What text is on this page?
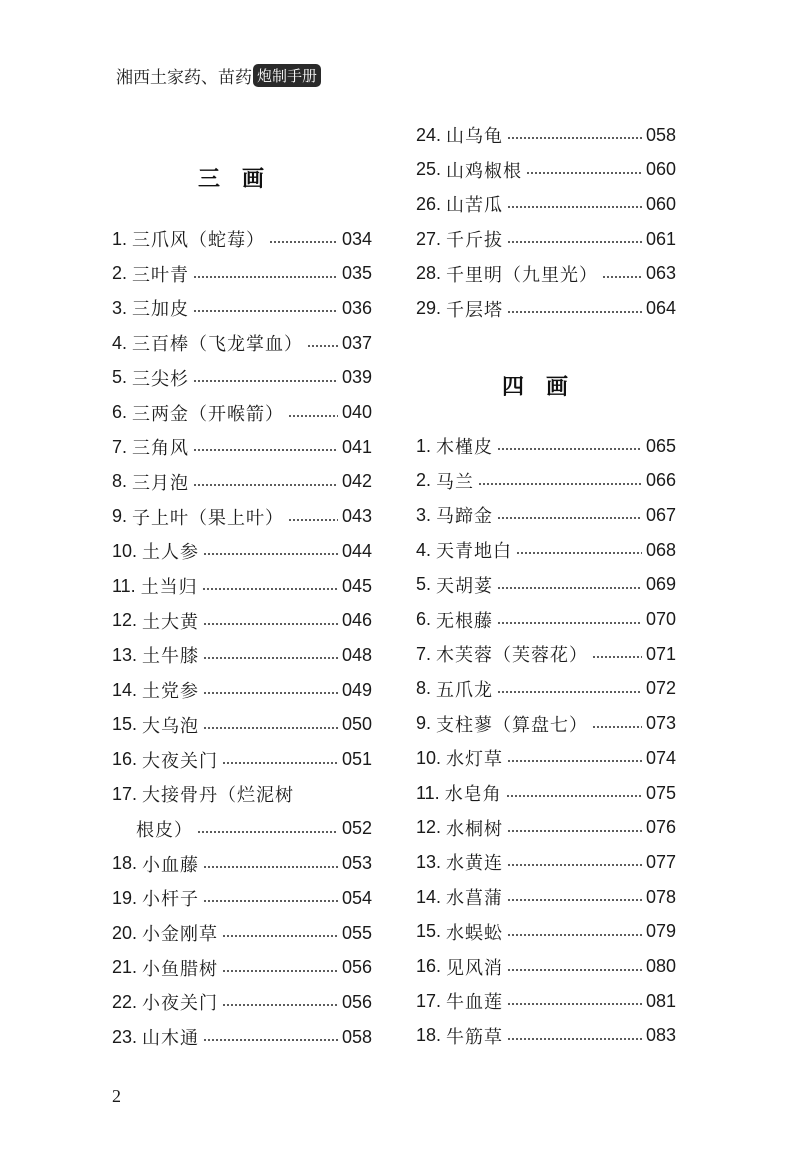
湘西土家药、苗药 炮制手册
三画
1. 三爪风（蛇莓）	034
2. 三叶青	035
3. 三加皮	036
4. 三百棒（飞龙掌血） 037
5. 三尖杉	039
6. 三两金（开喉箭）	040
7. 三角风	041
8. 三月泡	042
9. 子上叶（果上叶）	043
10. 土人参	044
11. 土当归	045
12. 土大黄	046
13. 土牛膝	048
14. 土党参	049
15. 大乌泡	050
16. 大夜关门	051
17. 大接骨丹（烂泥树
根皮）	052
18. 小血藤	053
19. 小杆子	054
20. 小金刚草	055
21. 小鱼腊树	056
22. 小夜关门	056
23. 山木通	058
24. 山乌龟	058
25. 山鸡椒根	060
26. 山苦瓜	060
27. 千斤拔	061
28. 千里明（九里光）	063
29. 千层塔	064
四画
1. 木槿皮	065
2. 马兰	066
3. 马蹄金	067
4. 天青地白	068
5. 天胡荽	069
6. 无根藤	070
7. 木芙蓉（芙蓉花）	071
8. 五爪龙	072
9. 支柱蓼（算盘七）	073
10. 水灯草	074
11. 水皂角	075
12. 水桐树	076
13. 水黄连	077
14. 水菖蒲	078
15. 水蜈蚣	079
16. 见风消	080
17. 牛血莲	081
18. 牛筋草	083
2
